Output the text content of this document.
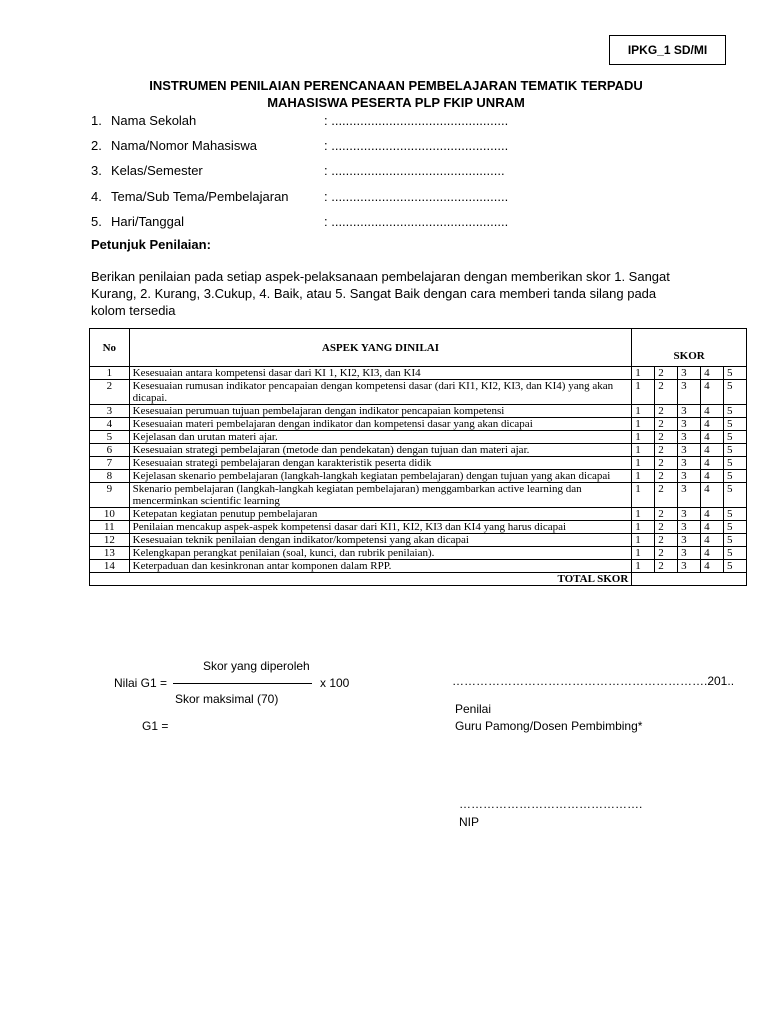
IPKG_1 SD/MI
INSTRUMEN PENILAIAN PERENCANAAN PEMBELAJARAN TEMATIK TERPADU
MAHASISWA PESERTA PLP FKIP UNRAM
1. Nama Sekolah	: .................................................
2. Nama/Nomor Mahasiswa	: .................................................
3. Kelas/Semester	: ................................................
4. Tema/Sub Tema/Pembelajaran	: .................................................
5. Hari/Tanggal	: .................................................
Petunjuk Penilaian:
Berikan penilaian pada setiap aspek-pelaksanaan pembelajaran dengan memberikan skor 1. Sangat Kurang, 2. Kurang, 3.Cukup, 4. Baik, atau 5. Sangat Baik dengan cara memberi tanda silang pada kolom tersedia
No	ASPEK YANG DINILAI	SKOR				
1	Kesesuaian antara kompetensi dasar dari KI 1, KI2, KI3, dan KI4	1	2	3	4	5
2	Kesesuaian rumusan indikator pencapaian dengan kompetensi dasar (dari KI1, KI2, KI3, dan KI4) yang akan dicapai.	1	2	3	4	5
3	Kesesuaian perumuan tujuan pembelajaran dengan indikator pencapaian kompetensi	1	2	3	4	5
4	Kesesuaian materi pembelajaran dengan indikator dan kompetensi dasar yang akan dicapai	1	2	3	4	5
5	Kejelasan dan urutan materi ajar.	1	2	3	4	5
6	Kesesuaian strategi pembelajaran (metode dan pendekatan) dengan tujuan dan materi ajar.	1	2	3	4	5
7	Kesesuaian strategi pembelajaran dengan karakteristik peserta didik	1	2	3	4	5
8	Kejelasan skenario pembelajaran (langkah-langkah kegiatan pembelajaran) dengan tujuan yang akan dicapai	1	2	3	4	5
9	Skenario pembelajaran (langkah-langkah kegiatan pembelajaran) menggambarkan active learning dan mencerminkan scientific learning	1	2	3	4	5
10	Ketepatan kegiatan penutup pembelajaran	1	2	3	4	5
11	Penilaian mencakup aspek-aspek kompetensi dasar dari KI1, KI2, KI3 dan KI4 yang harus dicapai	1	2	3	4	5
12	Kesesuaian teknik penilaian dengan indikator/kompetensi yang akan dicapai	1	2	3	4	5
13	Kelengkapan perangkat penilaian (soal, kunci, dan rubrik penilaian).	1	2	3	4	5
14	Keterpaduan dan kesinkronan antar komponen dalam RPP.	1	2	3	4	5
TOTAL SKOR						
Skor yang diperoleh
Nilai G1 =	x 100
Skor maksimal (70)
G1 =
……………………………………………………….201..
Penilai
Guru Pamong/Dosen Pembimbing*
……………………………………….
NIP
